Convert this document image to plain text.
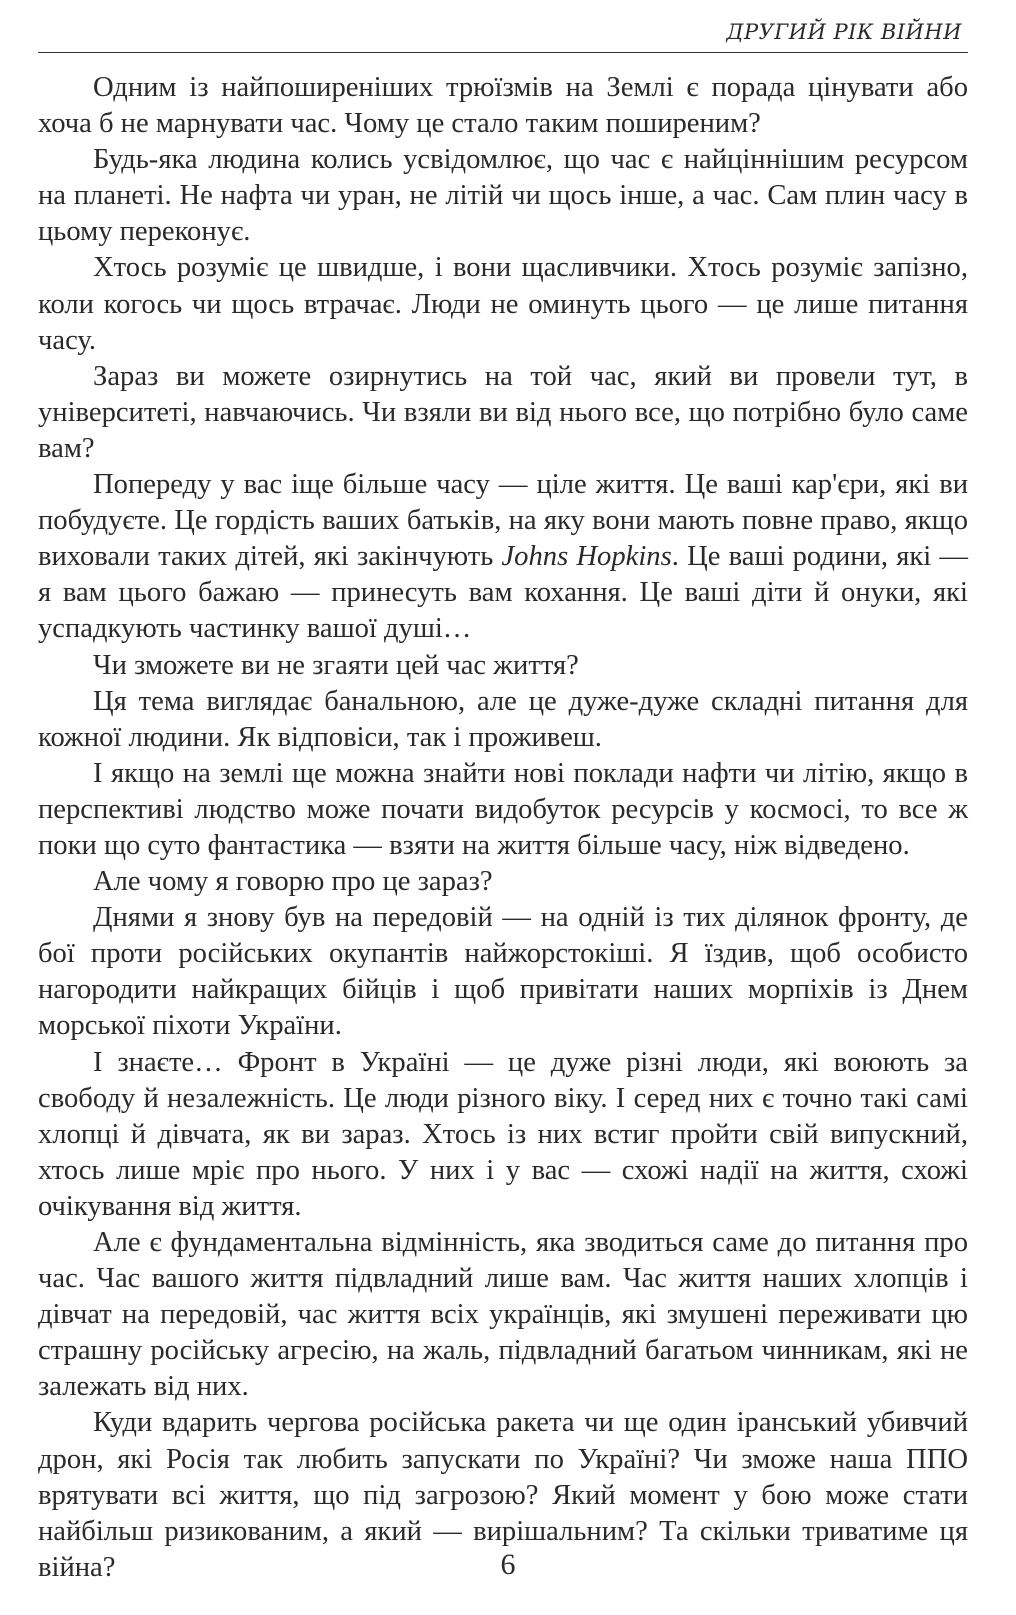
ДРУГИЙ РІК ВІЙНИ

Одним із найпоширеніших трюїзмів на Землі є порада цінувати або хоча б не марнувати час. Чому це стало таким поширеним?

Будь-яка людина колись усвідомлює, що час є найціннішим ресурсом на планеті. Не нафта чи уран, не літій чи щось інше, а час. Сам плин часу в цьому переконує.

Хтось розуміє це швидше, і вони щасливчики. Хтось розуміє запізно, коли когось чи щось втрачає. Люди не оминуть цього — це лише питання часу.

Зараз ви можете озирнутись на той час, який ви провели тут, в університеті, навчаючись. Чи взяли ви від нього все, що потрібно було саме вам?

Попереду у вас іще більше часу — ціле життя. Це ваші кар'єри, які ви побудуєте. Це гордість ваших батьків, на яку вони мають повне право, якщо виховали таких дітей, які закінчують Johns Hopkins. Це ваші родини, які — я вам цього бажаю — принесуть вам кохання. Це ваші діти й онуки, які успадкують частинку вашої душі…

Чи зможете ви не згаяти цей час життя?

Ця тема виглядає банальною, але це дуже-дуже складні питання для кожної людини. Як відповіси, так і проживеш.

І якщо на землі ще можна знайти нові поклади нафти чи літію, якщо в перспективі людство може почати видобуток ресурсів у космосі, то все ж поки що суто фантастика — взяти на життя більше часу, ніж відведено.

Але чому я говорю про це зараз?

Днями я знову був на передовій — на одній із тих ділянок фронту, де бої проти російських окупантів найжорстокіші. Я їздив, щоб особисто нагородити найкращих бійців і щоб привітати наших морпіхів із Днем морської піхоти України.

І знаєте… Фронт в Україні — це дуже різні люди, які воюють за свободу й незалежність. Це люди різного віку. І серед них є точно такі самі хлопці й дівчата, як ви зараз. Хтось із них встиг пройти свій випускний, хтось лише мріє про нього. У них і у вас — схожі надії на життя, схожі очікування від життя.

Але є фундаментальна відмінність, яка зводиться саме до питання про час. Час вашого життя підвладний лише вам. Час життя наших хлопців і дівчат на передовій, час життя всіх українців, які змушені переживати цю страшну російську агресію, на жаль, підвладний багатьом чинникам, які не залежать від них.

Куди вдарить чергова російська ракета чи ще один іранський убивчий дрон, які Росія так любить запускати по Україні? Чи зможе наша ППО врятувати всі життя, що під загрозою? Який момент у бою може стати найбільш ризикованим, а який — вирішальним? Та скільки триватиме ця війна?	6
